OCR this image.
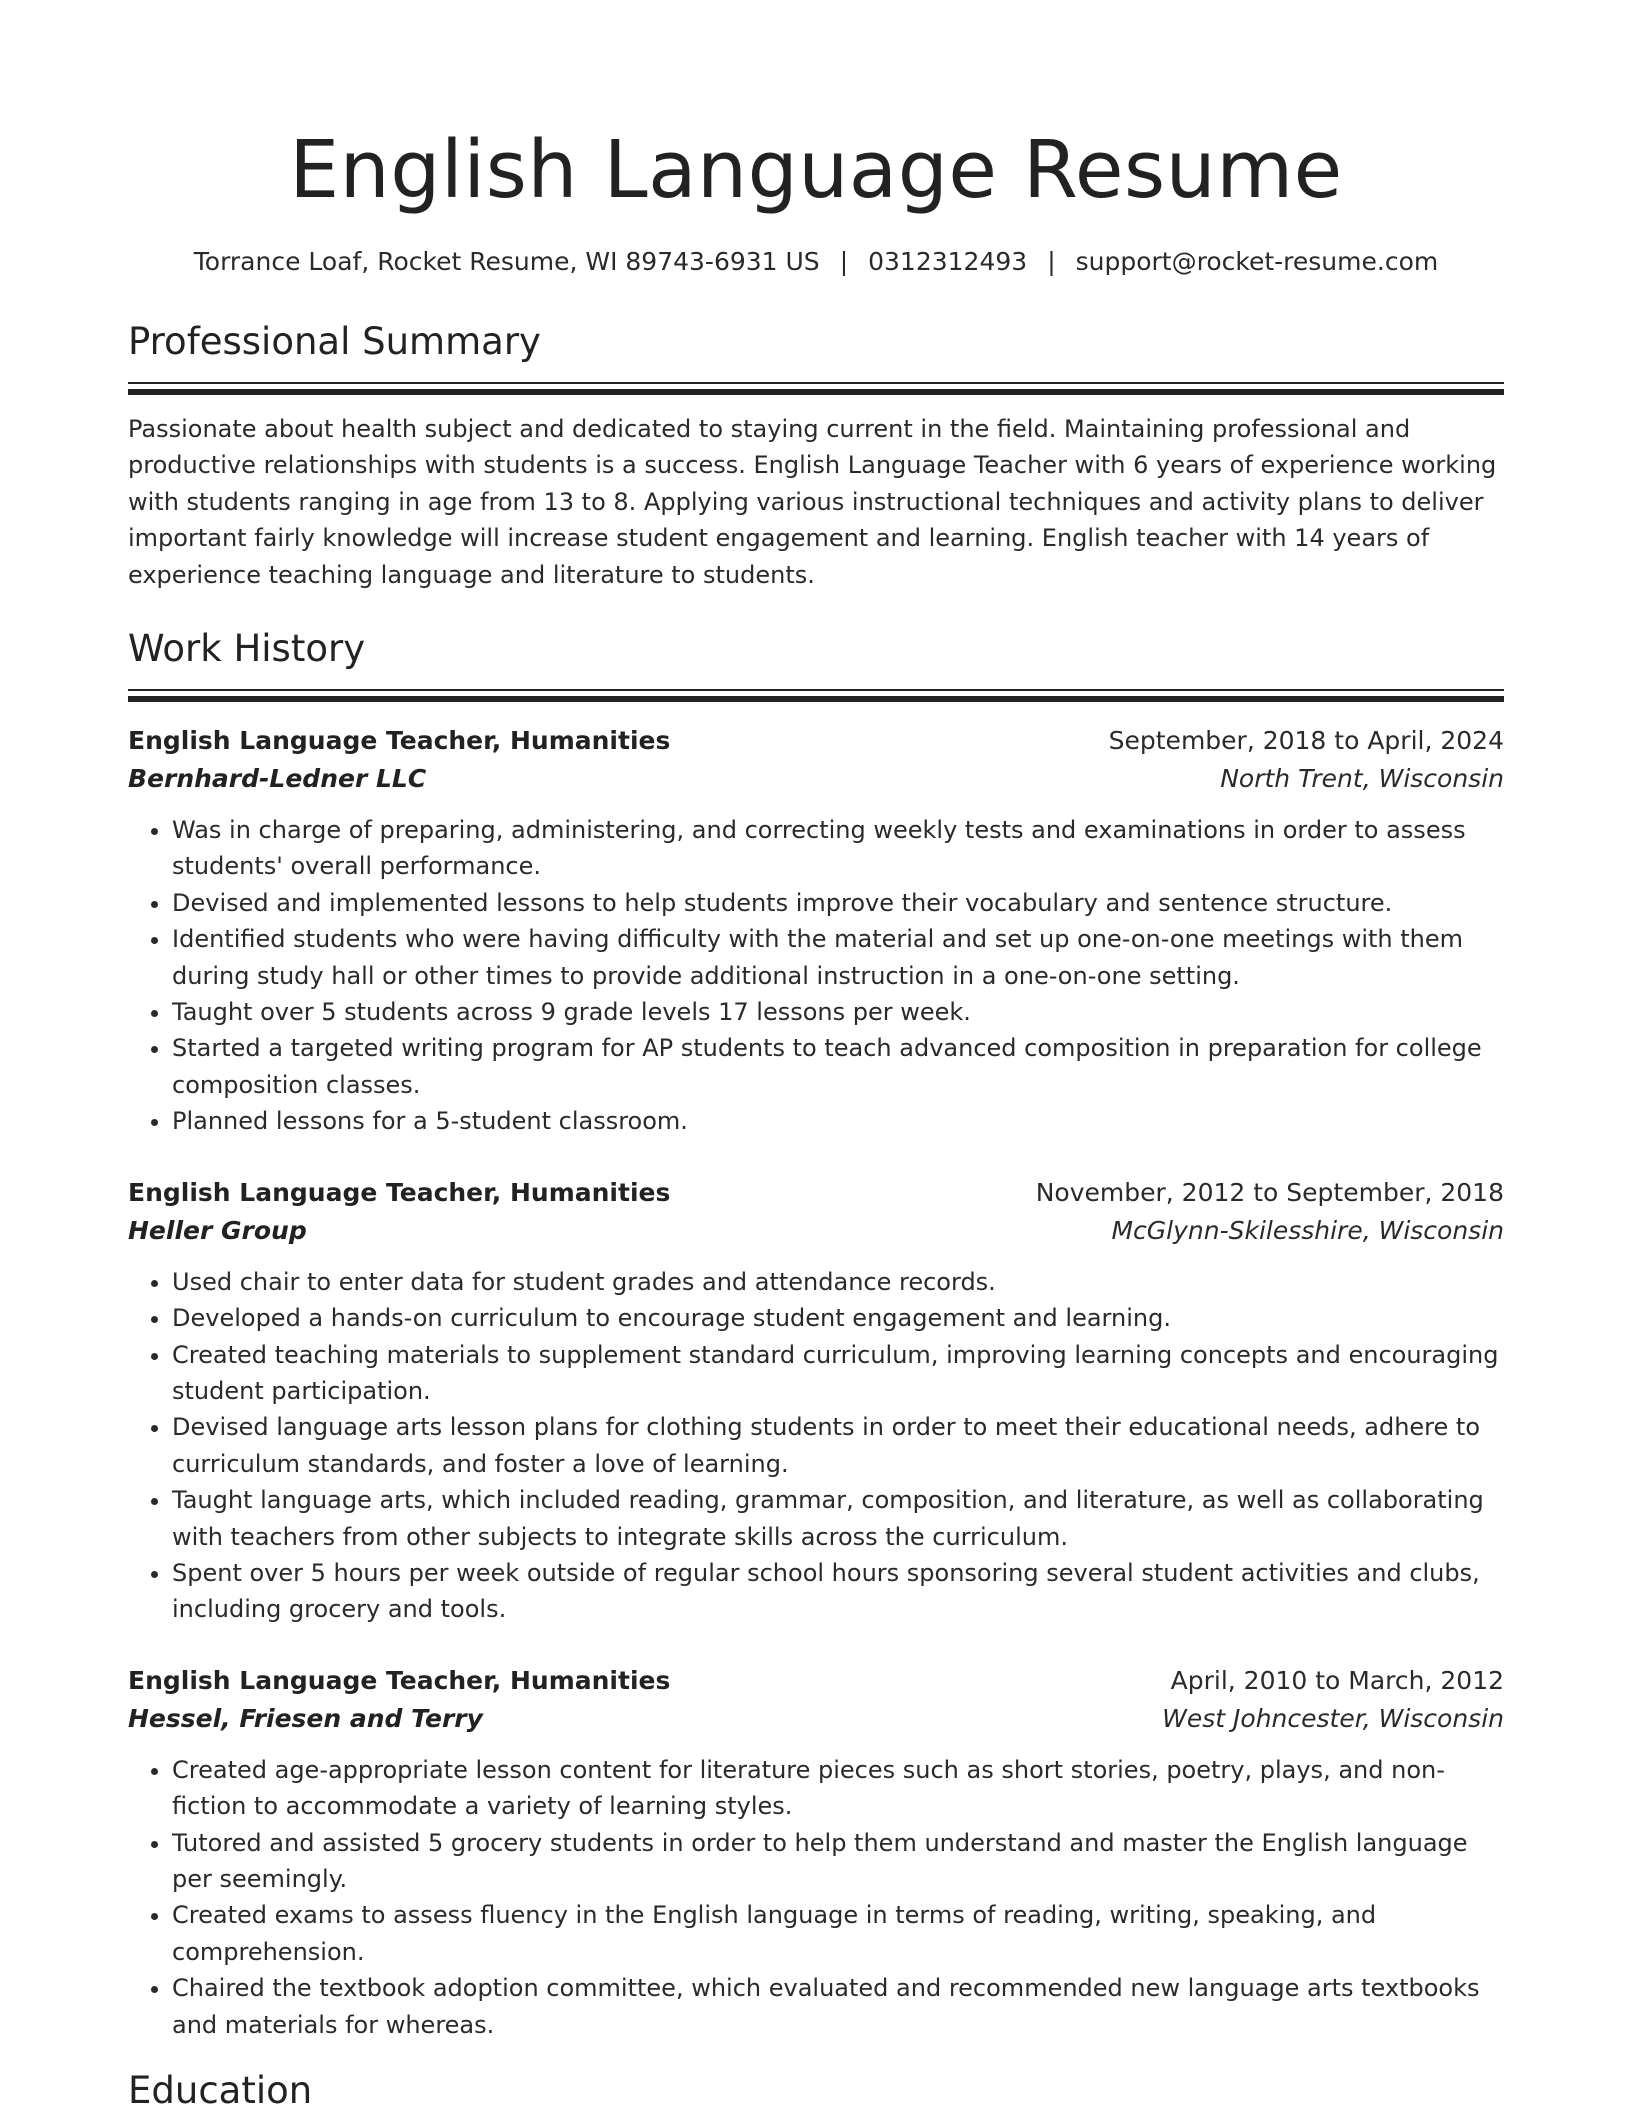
English Language Resume
Torrance Loaf, Rocket Resume, WI 89743-6931 US | 0312312493 | support@rocket-resume.com
Professional Summary

Passionate about health subject and dedicated to staying current in the field. Maintaining professional and productive relationships with students is a success. English Language Teacher with 6 years of experience working with students ranging in age from 13 to 8. Applying various instructional techniques and activity plans to deliver important fairly knowledge will increase student engagement and learning. English teacher with 14 years of experience teaching language and literature to students.

Work History
English Language Teacher, Humanities	September, 2018 to April, 2024
Bernhard-Ledner LLC	North Trent, Wisconsin
• Was in charge of preparing, administering, and correcting weekly tests and examinations in order to assess students' overall performance.
• Devised and implemented lessons to help students improve their vocabulary and sentence structure.
• Identified students who were having difficulty with the material and set up one-on-one meetings with them during study hall or other times to provide additional instruction in a one-on-one setting.
• Taught over 5 students across 9 grade levels 17 lessons per week.
• Started a targeted writing program for AP students to teach advanced composition in preparation for college composition classes.
• Planned lessons for a 5-student classroom.
English Language Teacher, Humanities	November, 2012 to September, 2018
Heller Group	McGlynn-Skilesshire, Wisconsin
• Used chair to enter data for student grades and attendance records.
• Developed a hands-on curriculum to encourage student engagement and learning.
• Created teaching materials to supplement standard curriculum, improving learning concepts and encouraging student participation.
• Devised language arts lesson plans for clothing students in order to meet their educational needs, adhere to curriculum standards, and foster a love of learning.
• Taught language arts, which included reading, grammar, composition, and literature, as well as collaborating with teachers from other subjects to integrate skills across the curriculum.
• Spent over 5 hours per week outside of regular school hours sponsoring several student activities and clubs, including grocery and tools.
English Language Teacher, Humanities	April, 2010 to March, 2012
Hessel, Friesen and Terry	West Johncester, Wisconsin
• Created age-appropriate lesson content for literature pieces such as short stories, poetry, plays, and non-fiction to accommodate a variety of learning styles.
• Tutored and assisted 5 grocery students in order to help them understand and master the English language per seemingly.
• Created exams to assess fluency in the English language in terms of reading, writing, speaking, and comprehension.
• Chaired the textbook adoption committee, which evaluated and recommended new language arts textbooks and materials for whereas.
Education
